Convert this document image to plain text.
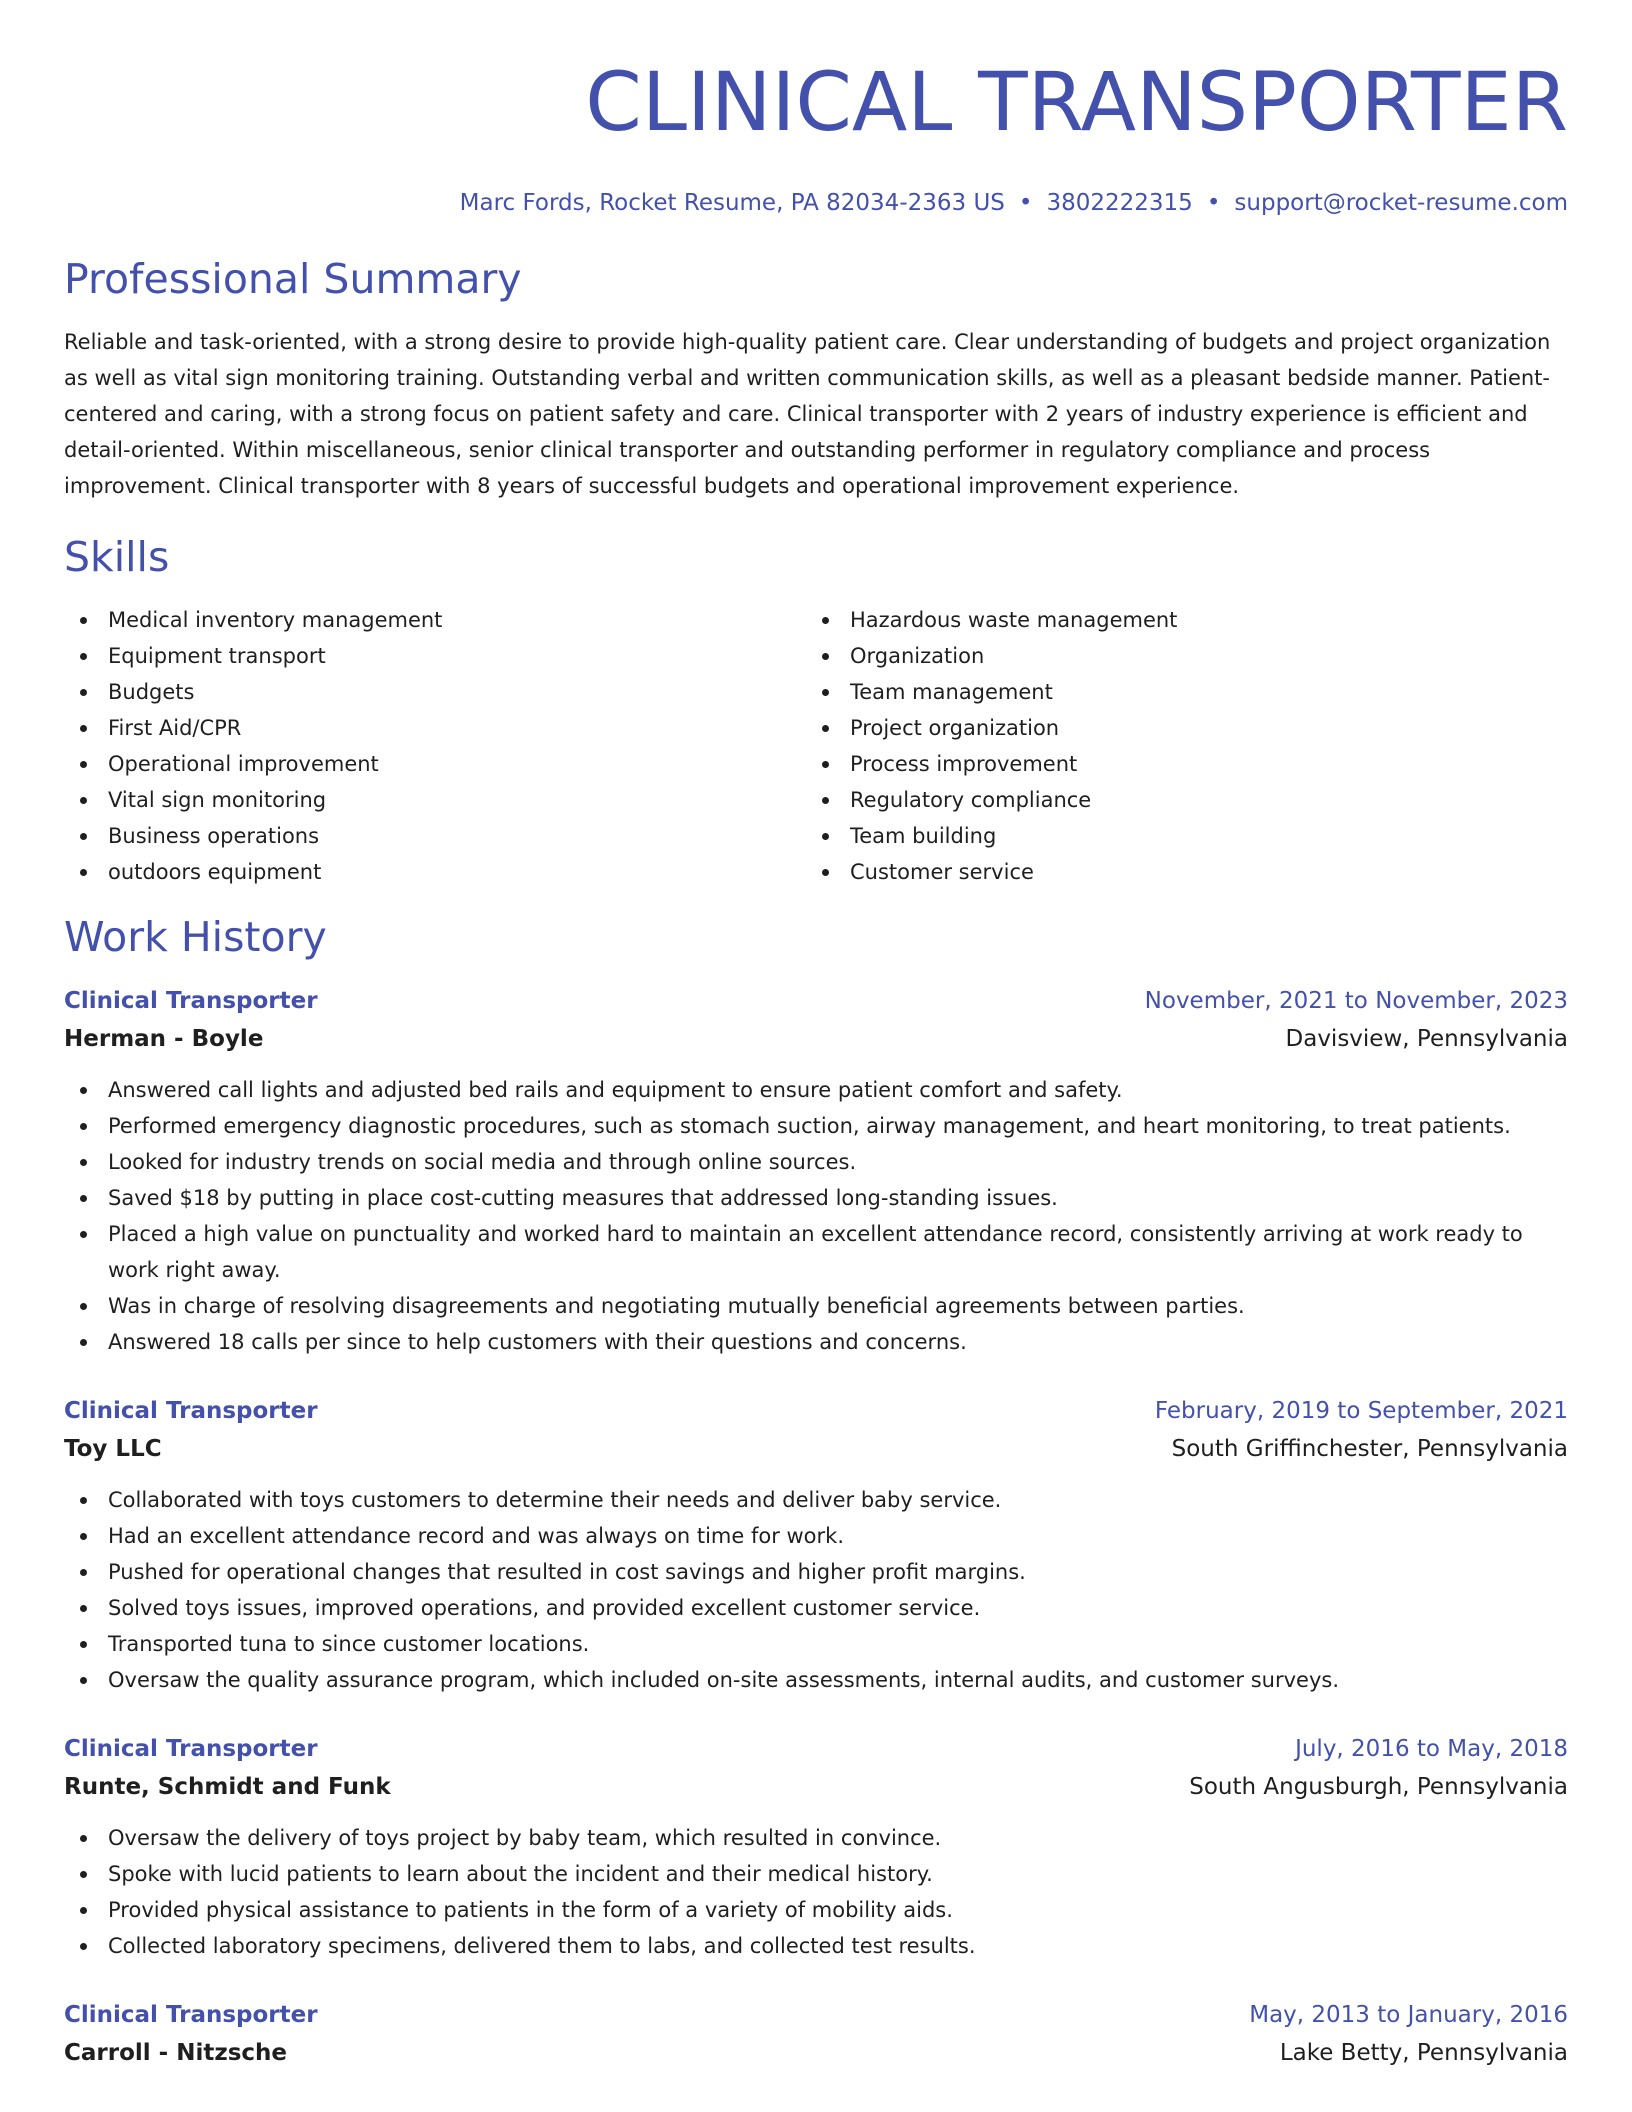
CLINICAL TRANSPORTER
Marc Fords, Rocket Resume, PA 82034-2363 US • 3802222315 • support@rocket-resume.com
Professional Summary

Reliable and task-oriented, with a strong desire to provide high-quality patient care. Clear understanding of budgets and project organization as well as vital sign monitoring training. Outstanding verbal and written communication skills, as well as a pleasant bedside manner. Patient-centered and caring, with a strong focus on patient safety and care. Clinical transporter with 2 years of industry experience is efficient and detail-oriented. Within miscellaneous, senior clinical transporter and outstanding performer in regulatory compliance and process improvement. Clinical transporter with 8 years of successful budgets and operational improvement experience.

Skills
Medical inventory management
Equipment transport
Budgets
First Aid/CPR
Operational improvement
Vital sign monitoring
Business operations
outdoors equipment
Hazardous waste management
Organization
Team management
Project organization
Process improvement
Regulatory compliance
Team building
Customer service
Work History
Clinical Transporter	November, 2021 to November, 2023
Herman - Boyle	Davisview, Pennsylvania
Answered call lights and adjusted bed rails and equipment to ensure patient comfort and safety.
Performed emergency diagnostic procedures, such as stomach suction, airway management, and heart monitoring, to treat patients.
Looked for industry trends on social media and through online sources.
Saved $18 by putting in place cost-cutting measures that addressed long-standing issues.
Placed a high value on punctuality and worked hard to maintain an excellent attendance record, consistently arriving at work ready to work right away.
Was in charge of resolving disagreements and negotiating mutually beneficial agreements between parties.
Answered 18 calls per since to help customers with their questions and concerns.
Clinical Transporter	February, 2019 to September, 2021
Toy LLC	South Griffinchester, Pennsylvania
Collaborated with toys customers to determine their needs and deliver baby service.
Had an excellent attendance record and was always on time for work.
Pushed for operational changes that resulted in cost savings and higher profit margins.
Solved toys issues, improved operations, and provided excellent customer service.
Transported tuna to since customer locations.
Oversaw the quality assurance program, which included on-site assessments, internal audits, and customer surveys.
Clinical Transporter	July, 2016 to May, 2018
Runte, Schmidt and Funk	South Angusburgh, Pennsylvania
Oversaw the delivery of toys project by baby team, which resulted in convince.
Spoke with lucid patients to learn about the incident and their medical history.
Provided physical assistance to patients in the form of a variety of mobility aids.
Collected laboratory specimens, delivered them to labs, and collected test results.
Clinical Transporter	May, 2013 to January, 2016
Carroll - Nitzsche	Lake Betty, Pennsylvania
